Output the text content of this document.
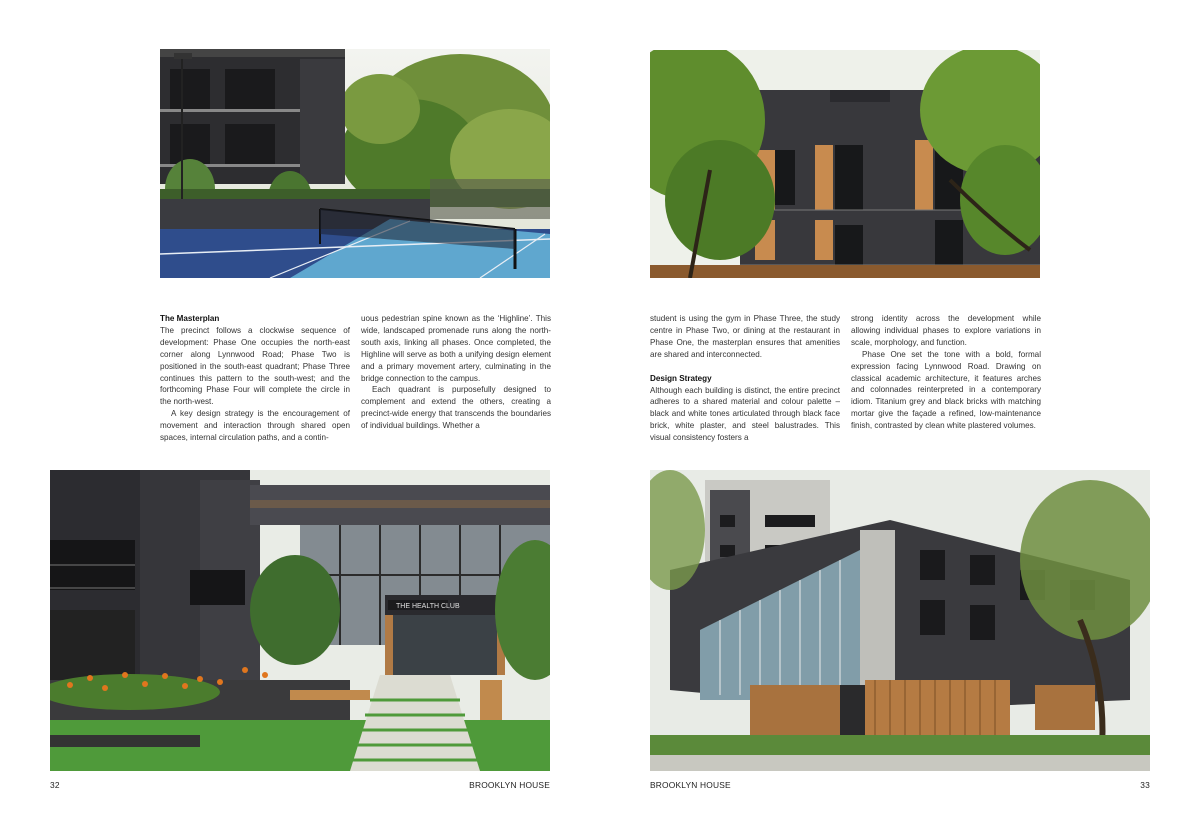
The Masterplan

The precinct follows a clockwise sequence of development: Phase One occupies the north-east corner along Lynnwood Road; Phase Two is positioned in the south-east quadrant; Phase Three continues this pattern to the south-west; and the forthcoming Phase Four will complete the circle in the north-west.

A key design strategy is the encouragement of movement and interaction through shared open spaces, internal circulation paths, and a contin-

uous pedestrian spine known as the ‘Highline’. This wide, landscaped promenade runs along the north-south axis, linking all phases. Once completed, the Highline will serve as both a unifying design element and a primary movement artery, culminating in the bridge connection to the campus.

Each quadrant is purposefully designed to complement and extend the others, creating a precinct-wide energy that transcends the boundaries of individual buildings. Whether a

THE HEALTH CLUB
32	BROOKLYN HOUSE

student is using the gym in Phase Three, the study centre in Phase Two, or dining at the restaurant in Phase One, the masterplan ensures that amenities are shared and interconnected.

Design Strategy

Although each building is distinct, the entire precinct adheres to a shared material and colour palette – black and white tones articulated through black face brick, white plaster, and steel balustrades. This visual consistency fosters a

strong identity across the development while allowing individual phases to explore variations in scale, morphology, and function.

Phase One set the tone with a bold, formal expression facing Lynnwood Road. Drawing on classical academic architecture, it features arches and colonnades reinterpreted in a contemporary idiom. Titanium grey and black bricks with matching mortar give the façade a refined, low-maintenance finish, contrasted by clean white plastered volumes.

BROOKLYN HOUSE	33
